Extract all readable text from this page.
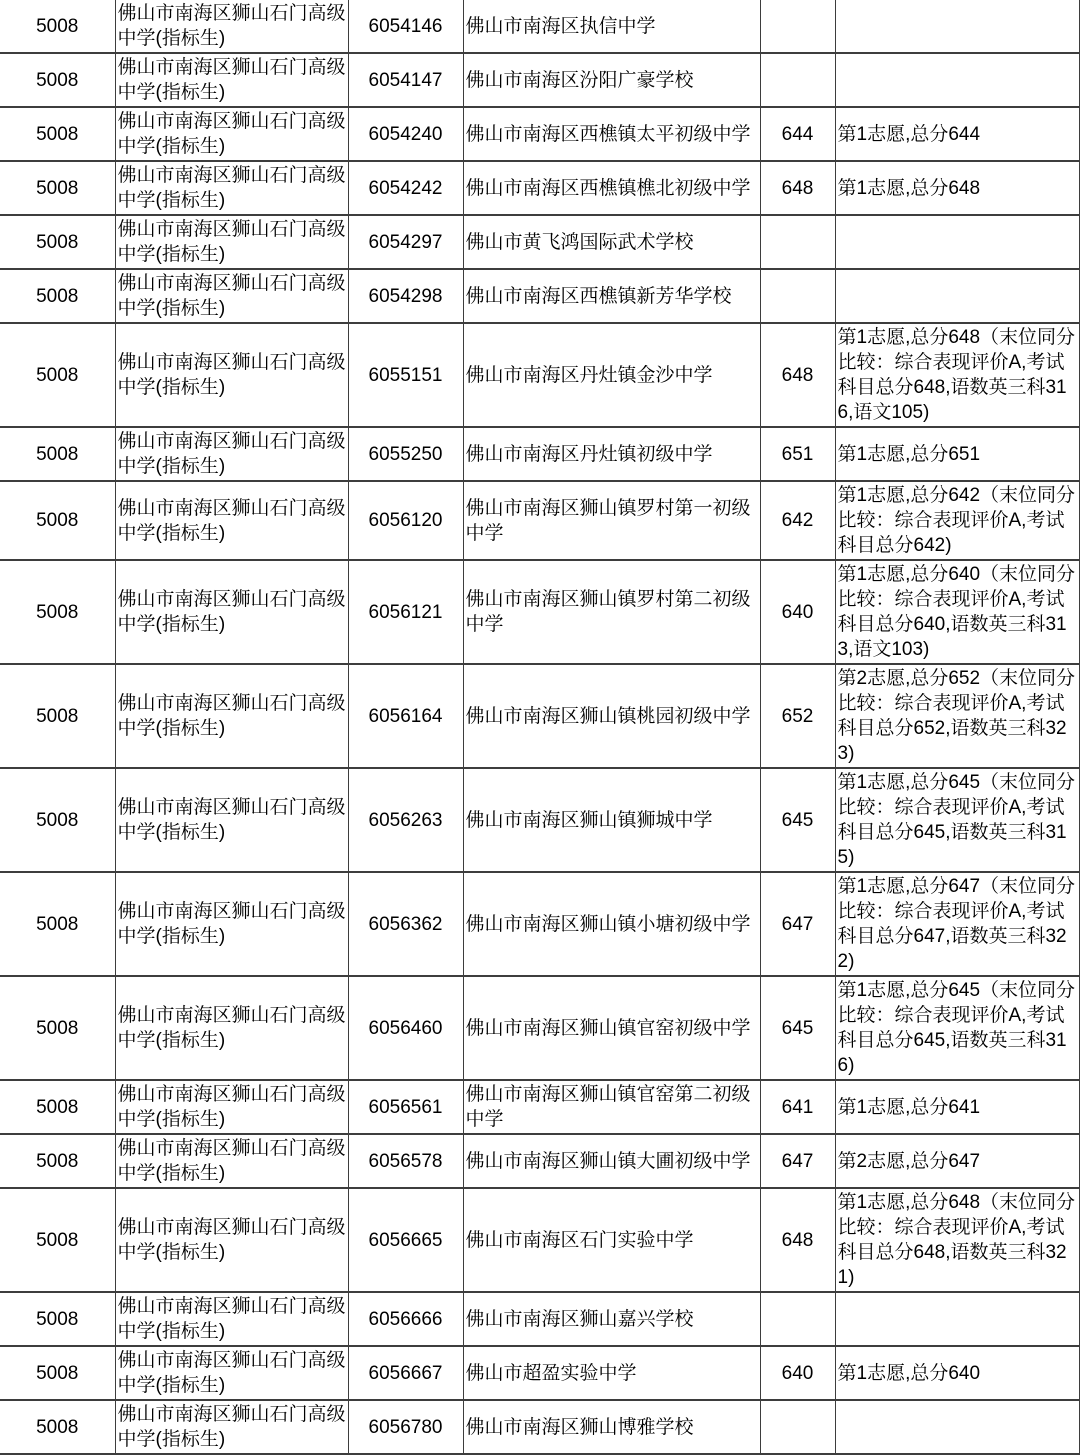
5008	佛山市南海区狮山石门高级中学(指标生)	6054146	佛山市南海区执信中学		
5008	佛山市南海区狮山石门高级中学(指标生)	6054147	佛山市南海区汾阳广豪学校		
5008	佛山市南海区狮山石门高级中学(指标生)	6054240	佛山市南海区西樵镇太平初级中学	644	第1志愿,总分644
5008	佛山市南海区狮山石门高级中学(指标生)	6054242	佛山市南海区西樵镇樵北初级中学	648	第1志愿,总分648
5008	佛山市南海区狮山石门高级中学(指标生)	6054297	佛山市黄飞鸿国际武术学校		
5008	佛山市南海区狮山石门高级中学(指标生)	6054298	佛山市南海区西樵镇新芳华学校		
5008	佛山市南海区狮山石门高级中学(指标生)	6055151	佛山市南海区丹灶镇金沙中学	648	第1志愿,总分648（末位同分比较：综合表现评价A,考试科目总分648,语数英三科316,语文105)
5008	佛山市南海区狮山石门高级中学(指标生)	6055250	佛山市南海区丹灶镇初级中学	651	第1志愿,总分651
5008	佛山市南海区狮山石门高级中学(指标生)	6056120	佛山市南海区狮山镇罗村第一初级中学	642	第1志愿,总分642（末位同分比较：综合表现评价A,考试科目总分642)
5008	佛山市南海区狮山石门高级中学(指标生)	6056121	佛山市南海区狮山镇罗村第二初级中学	640	第1志愿,总分640（末位同分比较：综合表现评价A,考试科目总分640,语数英三科313,语文103)
5008	佛山市南海区狮山石门高级中学(指标生)	6056164	佛山市南海区狮山镇桃园初级中学	652	第2志愿,总分652（末位同分比较：综合表现评价A,考试科目总分652,语数英三科323)
5008	佛山市南海区狮山石门高级中学(指标生)	6056263	佛山市南海区狮山镇狮城中学	645	第1志愿,总分645（末位同分比较：综合表现评价A,考试科目总分645,语数英三科315)
5008	佛山市南海区狮山石门高级中学(指标生)	6056362	佛山市南海区狮山镇小塘初级中学	647	第1志愿,总分647（末位同分比较：综合表现评价A,考试科目总分647,语数英三科322)
5008	佛山市南海区狮山石门高级中学(指标生)	6056460	佛山市南海区狮山镇官窑初级中学	645	第1志愿,总分645（末位同分比较：综合表现评价A,考试科目总分645,语数英三科316)
5008	佛山市南海区狮山石门高级中学(指标生)	6056561	佛山市南海区狮山镇官窑第二初级中学	641	第1志愿,总分641
5008	佛山市南海区狮山石门高级中学(指标生)	6056578	佛山市南海区狮山镇大圃初级中学	647	第2志愿,总分647
5008	佛山市南海区狮山石门高级中学(指标生)	6056665	佛山市南海区石门实验中学	648	第1志愿,总分648（末位同分比较：综合表现评价A,考试科目总分648,语数英三科321)
5008	佛山市南海区狮山石门高级中学(指标生)	6056666	佛山市南海区狮山嘉兴学校		
5008	佛山市南海区狮山石门高级中学(指标生)	6056667	佛山市超盈实验中学	640	第1志愿,总分640
5008	佛山市南海区狮山石门高级中学(指标生)	6056780	佛山市南海区狮山博雅学校		
